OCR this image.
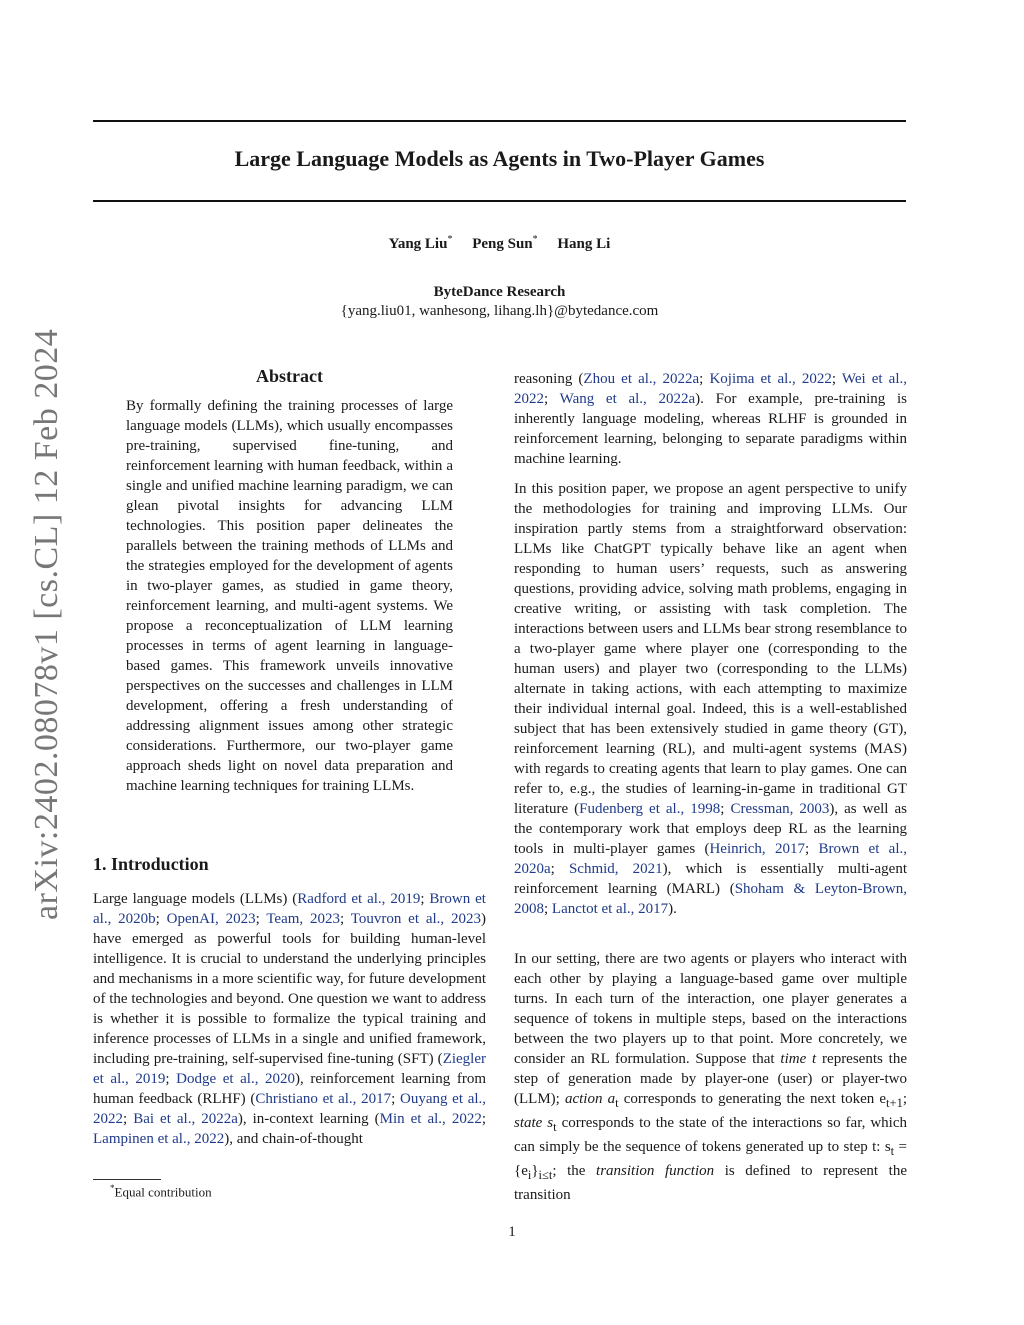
Large Language Models as Agents in Two-Player Games
Yang Liu* Peng Sun* Hang Li
ByteDance Research
{yang.liu01, wanhesong, lihang.lh}@bytedance.com
arXiv:2402.08078v1 [cs.CL] 12 Feb 2024	Abstract
By formally defining the training processes of large language models (LLMs), which usually encompasses pre-training, supervised fine-tuning, and reinforcement learning with human feedback, within a single and unified machine learning paradigm, we can glean pivotal insights for advancing LLM technologies. This position paper delineates the parallels between the training methods of LLMs and the strategies employed for the development of agents in two-player games, as studied in game theory, reinforcement learning, and multi-agent systems. We propose a reconceptualization of LLM learning processes in terms of agent learning in language-based games. This framework unveils innovative perspectives on the successes and challenges in LLM development, offering a fresh understanding of addressing alignment issues among other strategic considerations. Furthermore, our two-player game approach sheds light on novel data preparation and machine learning techniques for training LLMs.
1. Introduction

Large language models (LLMs) (Radford et al., 2019; Brown et al., 2020b; OpenAI, 2023; Team, 2023; Touvron et al., 2023) have emerged as powerful tools for building human-level intelligence. It is crucial to understand the underlying principles and mechanisms in a more scientific way, for future development of the technologies and beyond. One question we want to address is whether it is possible to formalize the typical training and inference processes of LLMs in a single and unified framework, including pre-training, self-supervised fine-tuning (SFT) (Ziegler et al., 2019; Dodge et al., 2020), reinforcement learning from human feedback (RLHF) (Christiano et al., 2017; Ouyang et al., 2022; Bai et al., 2022a), in-context learning (Min et al., 2022; Lampinen et al., 2022), and chain-of-thought

reasoning (Zhou et al., 2022a; Kojima et al., 2022; Wei et al., 2022; Wang et al., 2022a). For example, pre-training is inherently language modeling, whereas RLHF is grounded in reinforcement learning, belonging to separate paradigms within machine learning.

In this position paper, we propose an agent perspective to unify the methodologies for training and improving LLMs. Our inspiration partly stems from a straightforward observation: LLMs like ChatGPT typically behave like an agent when responding to human users’ requests, such as answering questions, providing advice, solving math problems, engaging in creative writing, or assisting with task completion. The interactions between users and LLMs bear strong resemblance to a two-player game where player one (corresponding to the human users) and player two (corresponding to the LLMs) alternate in taking actions, with each attempting to maximize their individual internal goal. Indeed, this is a well-established subject that has been extensively studied in game theory (GT), reinforcement learning (RL), and multi-agent systems (MAS) with regards to creating agents that learn to play games. One can refer to, e.g., the studies of learning-in-game in traditional GT literature (Fudenberg et al., 1998; Cressman, 2003), as well as the contemporary work that employs deep RL as the learning tools in multi-player games (Heinrich, 2017; Brown et al., 2020a; Schmid, 2021), which is essentially multi-agent reinforcement learning (MARL) (Shoham & Leyton-Brown, 2008; Lanctot et al., 2017).

In our setting, there are two agents or players who interact with each other by playing a language-based game over multiple turns. In each turn of the interaction, one player generates a sequence of tokens in multiple steps, based on the interactions between the two players up to that point. More concretely, we consider an RL formulation. Suppose that time t represents the step of generation made by player-one (user) or player-two (LLM); action $a_t$ corresponds to generating the next token $e_{t+1}$; state $s_t$ corresponds to the state of the interactions so far, which can simply be the sequence of tokens generated up to step t: $s_t = \{e_i\}_{i\le t}$; the transition function is defined to represent the transition

*Equal contribution
1
